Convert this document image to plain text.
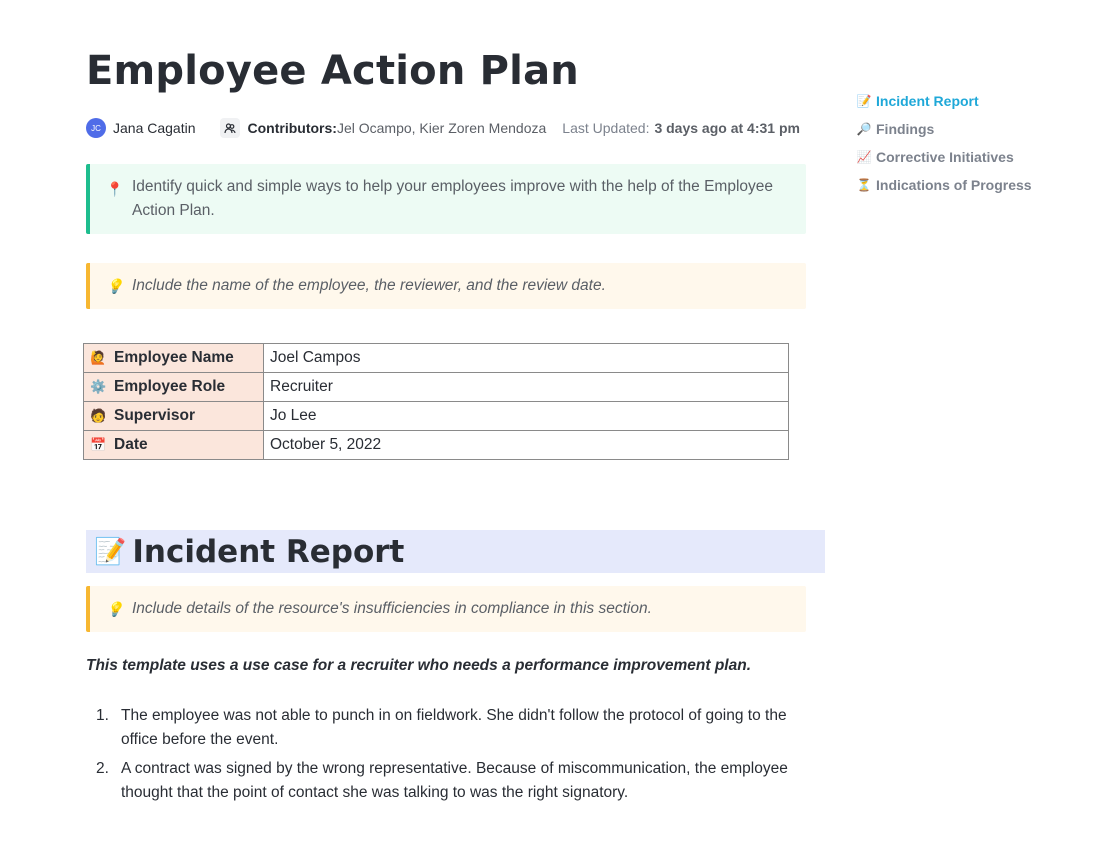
Employee Action Plan
JC Jana Cagatin	Contributors: Jel Ocampo, Kier Zoren Mendoza Last Updated: 3 days ago at 4:31 pm
📍 Identify quick and simple ways to help your employees improve with the help of the Employee Action Plan.
💡 Include the name of the employee, the reviewer, and the review date.
🙋 Employee Name	Joel Campos
⚙️ Employee Role	Recruiter
🧑 Supervisor	Jo Lee
📅 Date	October 5, 2022
📝 Incident Report
💡 Include details of the resource's insufficiencies in compliance in this section.
This template uses a use case for a recruiter who needs a performance improvement plan.
1. The employee was not able to punch in on fieldwork. She didn't follow the protocol of going to the office before the event.
2. A contract was signed by the wrong representative. Because of miscommunication, the employee thought that the point of contact she was talking to was the right signatory.
📝 Incident Report
🔎 Findings
📈 Corrective Initiatives
⏳ Indications of Progress
